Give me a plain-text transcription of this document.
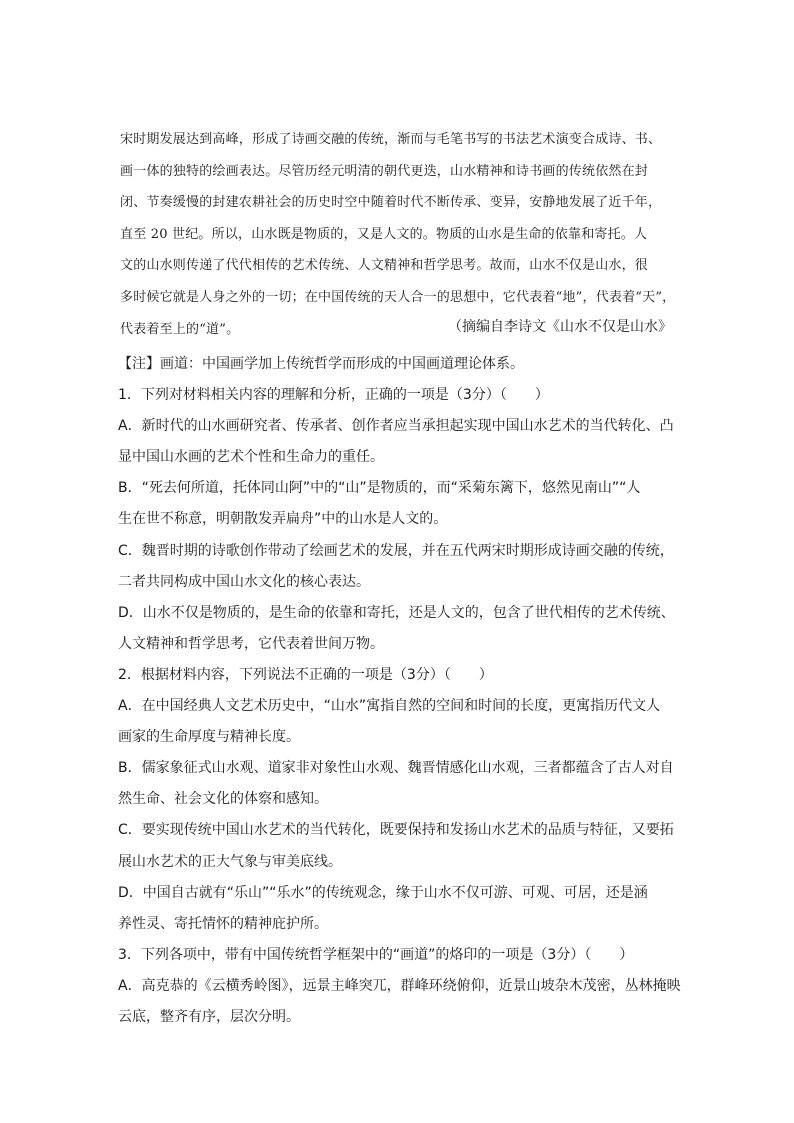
宋时期发展达到高峰，形成了诗画交融的传统，渐而与毛笔书写的书法艺术演变合成诗、书、
画一体的独特的绘画表达。尽管历经元明清的朝代更迭，山水精神和诗书画的传统依然在封
闭、节奏缓慢的封建农耕社会的历史时空中随着时代不断传承、变异，安静地发展了近千年，
直至 20 世纪。所以，山水既是物质的，又是人文的。物质的山水是生命的依靠和寄托。人
文的山水则传递了代代相传的艺术传统、人文精神和哲学思考。故而，山水不仅是山水，很
多时候它就是人身之外的一切；在中国传统的天人合一的思想中，它代表着“地”，代表着“天”，
代表着至上的“道”。	（摘编自李诗文《山水不仅是山水》
【注】画道：中国画学加上传统哲学而形成的中国画道理论体系。
1．下列对材料相关内容的理解和分析，正确的一项是（3分）（　　）
A．新时代的山水画研究者、传承者、创作者应当承担起实现中国山水艺术的当代转化、凸
显中国山水画的艺术个性和生命力的重任。
B．“死去何所道，托体同山阿”中的“山”是物质的，而“采菊东篱下，悠然见南山”“人
生在世不称意，明朝散发弄扁舟”中的山水是人文的。
C．魏晋时期的诗歌创作带动了绘画艺术的发展，并在五代两宋时期形成诗画交融的传统，
二者共同构成中国山水文化的核心表达。
D．山水不仅是物质的，是生命的依靠和寄托，还是人文的，包含了世代相传的艺术传统、
人文精神和哲学思考，它代表着世间万物。
2．根据材料内容，下列说法不正确的一项是（3分）（　　）
A．在中国经典人文艺术历史中，“山水”寓指自然的空间和时间的长度，更寓指历代文人
画家的生命厚度与精神长度。
B．儒家象征式山水观、道家非对象性山水观、魏晋情感化山水观，三者都蕴含了古人对自
然生命、社会文化的体察和感知。
C．要实现传统中国山水艺术的当代转化，既要保持和发扬山水艺术的品质与特征，又要拓
展山水艺术的正大气象与审美底线。
D．中国自古就有“乐山”“乐水”的传统观念，缘于山水不仅可游、可观、可居，还是涵
养性灵、寄托情怀的精神庇护所。
3．下列各项中，带有中国传统哲学框架中的“画道”的烙印的一项是（3分）（　　）
A．高克恭的《云横秀岭图》，远景主峰突兀，群峰环绕俯仰，近景山坡杂木茂密，丛林掩映
云底，整齐有序，层次分明。
